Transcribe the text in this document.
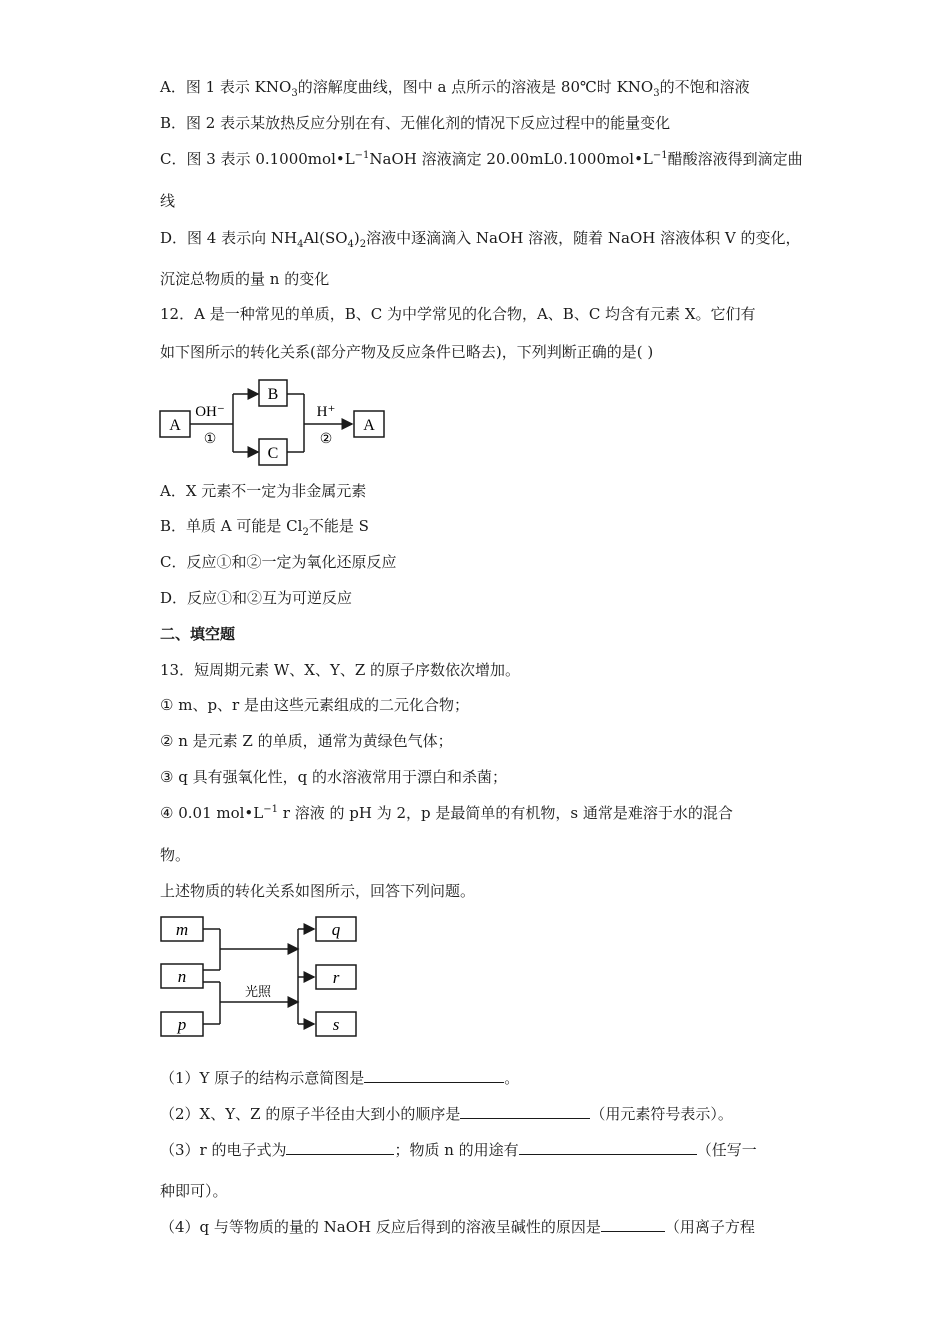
A．图 1 表示 $KNO_3$的溶解度曲线，图中 a 点所示的溶液是 80℃时 $KNO_3$的不饱和溶液
B．图 2 表示某放热反应分别在有、无催化剂的情况下反应过程中的能量变化
C．图 3 表示 $0.1000mol•L^{-1}NaOH$ 溶液滴定 $20.00mL0.1000mol•L^{-1}$醋酸溶液得到滴定曲
线
D．图 4 表示向 $NH_4Al(SO_4)_2$溶液中逐滴滴入 NaOH 溶液，随着 NaOH 溶液体积 V 的变化，
沉淀总物质的量 n 的变化
12．A 是一种常见的单质，B、C 为中学常见的化合物，A、B、C 均含有元素 X。它们有
如下图所示的转化关系(部分产物及反应条件已略去)，下列判断正确的是( )
A
OH⁻
①
B
C
H⁺
②
A
A．X 元素不一定为非金属元素
B．单质 A 可能是 $Cl_2$不能是 S
C．反应①和②一定为氧化还原反应
D．反应①和②互为可逆反应
二、填空题
13．短周期元素 W、X、Y、Z 的原子序数依次增加。
① m、p、r 是由这些元素组成的二元化合物；
② n 是元素 Z 的单质，通常为黄绿色气体；
③ q 具有强氧化性，q 的水溶液常用于漂白和杀菌；
④ 0.01 $mol•L^{-1}$ r 溶液 的 pH 为 2，p 是最简单的有机物，s 通常是难溶于水的混合
物。
上述物质的转化关系如图所示，回答下列问题。
m
n
p
光照
q
r
s
（1）Y 原子的结构示意简图是	。
（2）X、Y、Z 的原子半径由大到小的顺序是	（用元素符号表示）。
（3）r 的电子式为	；物质 n 的用途有	（任写一
种即可）。
（4）q 与等物质的量的 NaOH 反应后得到的溶液呈碱性的原因是	（用离子方程
